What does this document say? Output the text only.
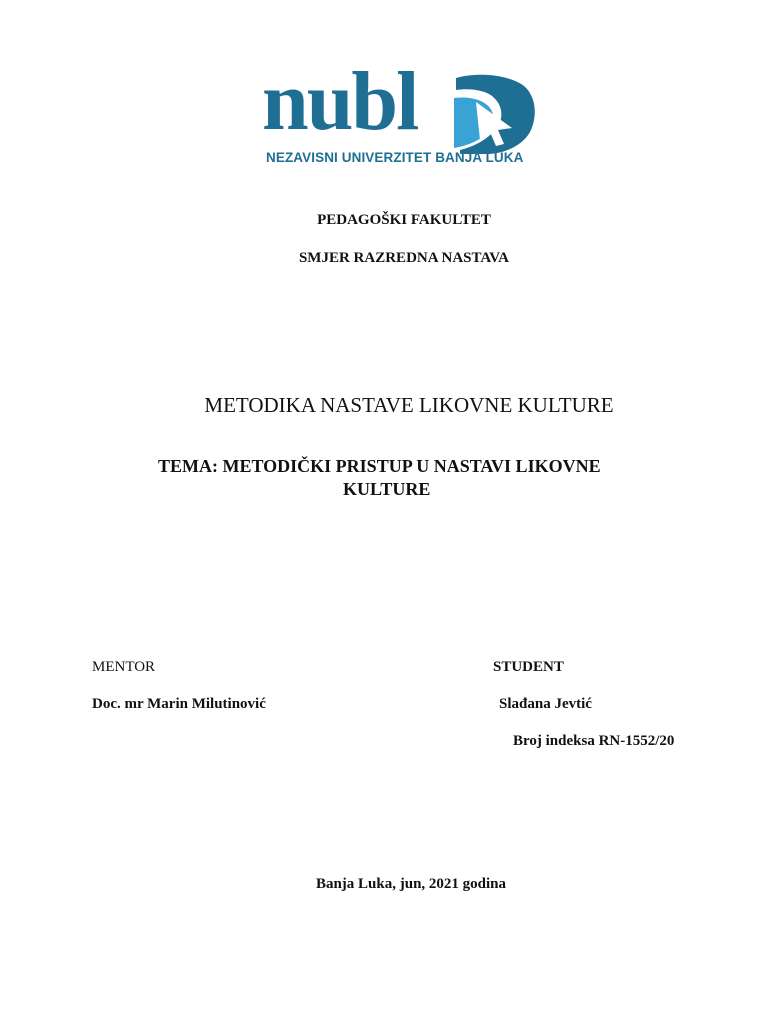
nubl
NEZAVISNI UNIVERZITET BANJA LUKA
PEDAGOŠKI FAKULTET
SMJER RAZREDNA NASTAVA
METODIKA NASTAVE LIKOVNE KULTURE
TEMA: METODIČKI PRISTUP U NASTAVI LIKOVNE
KULTURE
MENTOR	STUDENT
Doc. mr Marin Milutinović	Slađana Jevtić
Broj indeksa RN-1552/20
Banja Luka, jun, 2021 godina
